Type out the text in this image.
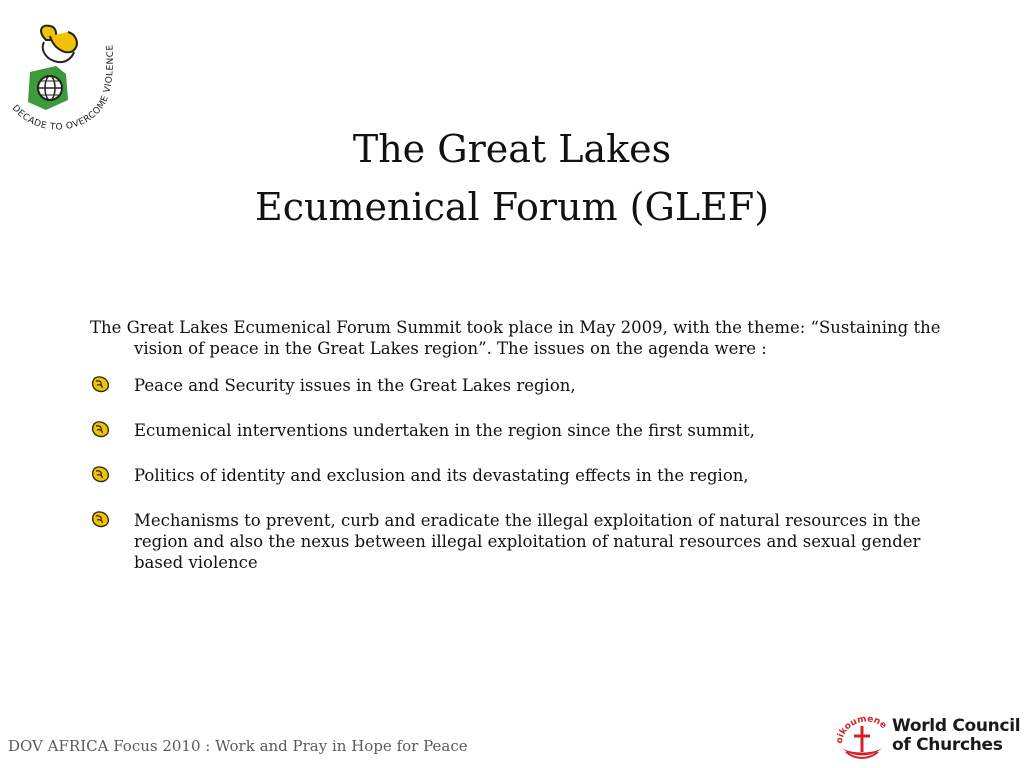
DECADE TO OVERCOME VIOLENCE
The Great Lakes
Ecumenical Forum (GLEF)

The Great Lakes Ecumenical Forum Summit took place in May 2009, with the theme: “Sustaining the vision of peace in the Great Lakes region”. The issues on the agenda were :

Peace and Security issues in the Great Lakes region,
Ecumenical interventions undertaken in the region since the first summit,
Politics of identity and exclusion and its devastating effects in the region,
Mechanisms to prevent, curb and eradicate the illegal exploitation of natural resources in the region and also the nexus between illegal exploitation of natural resources and sexual gender based violence
DOV AFRICA Focus 2010 : Work and Pray in Hope for Peace	oikoumene World Council
of Churches
